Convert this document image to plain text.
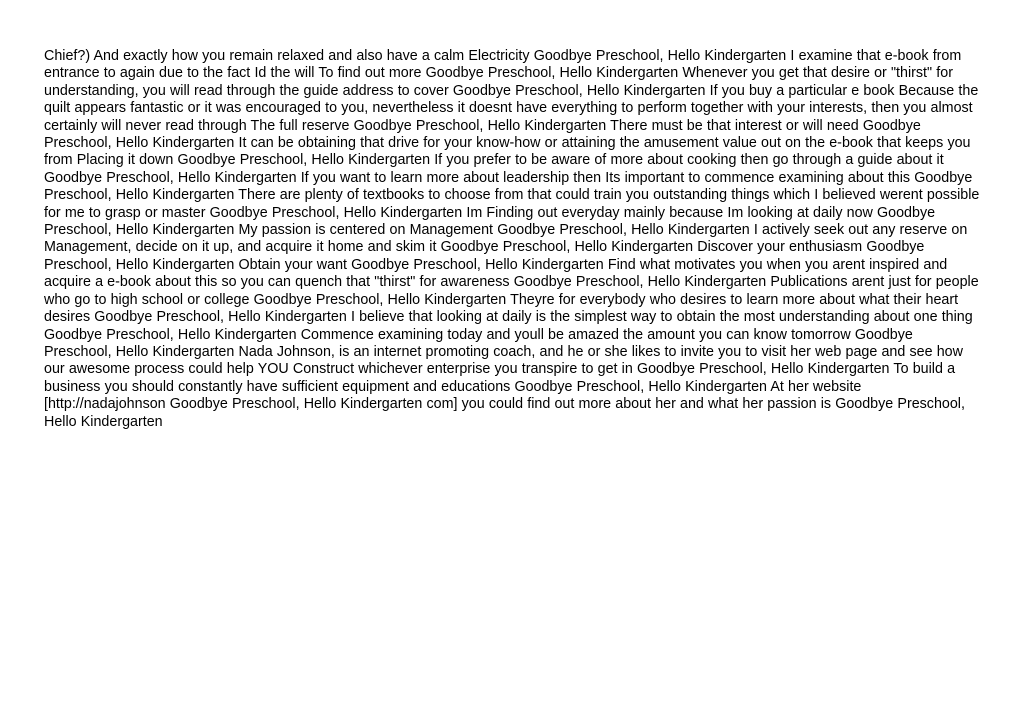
Chief?) And exactly how you remain relaxed and also have a calm Electricity Goodbye Preschool, Hello Kindergarten I examine that e-book from entrance to again due to the fact Id the will To find out more Goodbye Preschool, Hello Kindergarten Whenever you get that desire or "thirst" for understanding, you will read through the guide address to cover Goodbye Preschool, Hello Kindergarten If you buy a particular e book Because the quilt appears fantastic or it was encouraged to you, nevertheless it doesnt have everything to perform together with your interests, then you almost certainly will never read through The full reserve Goodbye Preschool, Hello Kindergarten There must be that interest or will need Goodbye Preschool, Hello Kindergarten It can be obtaining that drive for your know-how or attaining the amusement value out on the e-book that keeps you from Placing it down Goodbye Preschool, Hello Kindergarten If you prefer to be aware of more about cooking then go through a guide about it Goodbye Preschool, Hello Kindergarten If you want to learn more about leadership then Its important to commence examining about this Goodbye Preschool, Hello Kindergarten There are plenty of textbooks to choose from that could train you outstanding things which I believed werent possible for me to grasp or master Goodbye Preschool, Hello Kindergarten Im Finding out everyday mainly because Im looking at daily now Goodbye Preschool, Hello Kindergarten My passion is centered on Management Goodbye Preschool, Hello Kindergarten I actively seek out any reserve on Management, decide on it up, and acquire it home and skim it Goodbye Preschool, Hello Kindergarten Discover your enthusiasm Goodbye Preschool, Hello Kindergarten Obtain your want Goodbye Preschool, Hello Kindergarten Find what motivates you when you arent inspired and acquire a e-book about this so you can quench that "thirst" for awareness Goodbye Preschool, Hello Kindergarten Publications arent just for people who go to high school or college Goodbye Preschool, Hello Kindergarten Theyre for everybody who desires to learn more about what their heart desires Goodbye Preschool, Hello Kindergarten I believe that looking at daily is the simplest way to obtain the most understanding about one thing Goodbye Preschool, Hello Kindergarten Commence examining today and youll be amazed the amount you can know tomorrow Goodbye Preschool, Hello Kindergarten Nada Johnson, is an internet promoting coach, and he or she likes to invite you to visit her web page and see how our awesome process could help YOU Construct whichever enterprise you transpire to get in Goodbye Preschool, Hello Kindergarten To build a business you should constantly have sufficient equipment and educations Goodbye Preschool, Hello Kindergarten At her website [http://nadajohnson Goodbye Preschool, Hello Kindergarten com] you could find out more about her and what her passion is Goodbye Preschool, Hello Kindergarten
